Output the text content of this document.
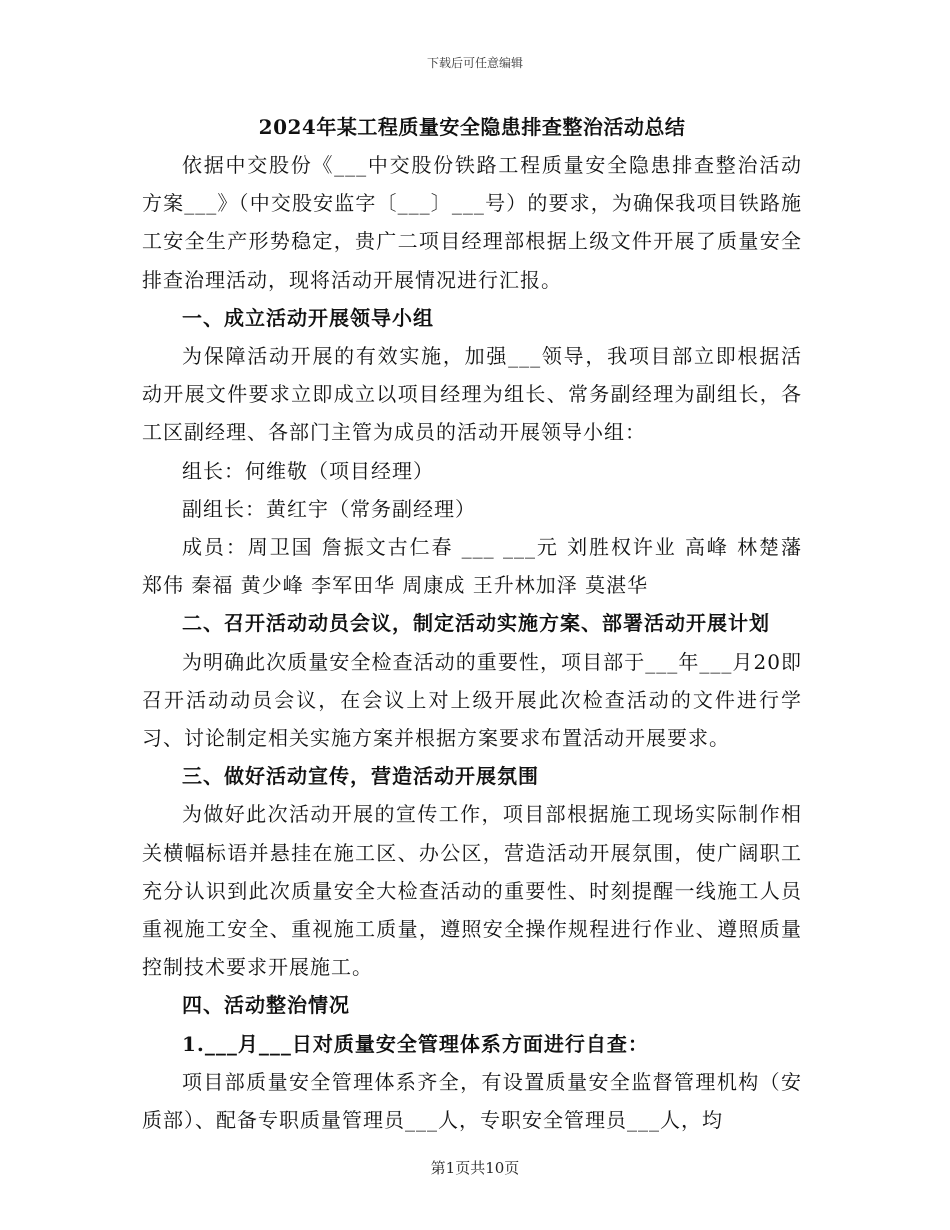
下载后可任意编辑

2024年某工程质量安全隐患排查整治活动总结

依据中交股份《___中交股份铁路工程质量安全隐患排查整治活动方案___》（中交股安监字〔___〕___号）的要求，为确保我项目铁路施工安全生产形势稳定，贵广二项目经理部根据上级文件开展了质量安全排查治理活动，现将活动开展情况进行汇报。

一、成立活动开展领导小组

为保障活动开展的有效实施，加强___领导，我项目部立即根据活动开展文件要求立即成立以项目经理为组长、常务副经理为副组长，各工区副经理、各部门主管为成员的活动开展领导小组：

组长：何维敬（项目经理）

副组长：黄红宇（常务副经理）

成员：周卫国 詹振文古仁春 ___ ___元 刘胜权许业 高峰 林楚藩 郑伟 秦福 黄少峰 李军田华 周康成 王升林加泽 莫湛华

二、召开活动动员会议，制定活动实施方案、部署活动开展计划

为明确此次质量安全检查活动的重要性，项目部于___年___月20即召开活动动员会议，在会议上对上级开展此次检查活动的文件进行学习、讨论制定相关实施方案并根据方案要求布置活动开展要求。

三、做好活动宣传，营造活动开展氛围

为做好此次活动开展的宣传工作，项目部根据施工现场实际制作相关横幅标语并悬挂在施工区、办公区，营造活动开展氛围，使广阔职工充分认识到此次质量安全大检查活动的重要性、时刻提醒一线施工人员重视施工安全、重视施工质量，遵照安全操作规程进行作业、遵照质量控制技术要求开展施工。

四、活动整治情况

1.___月___日对质量安全管理体系方面进行自查：

项目部质量安全管理体系齐全，有设置质量安全监督管理机构（安质部）、配备专职质量管理员___人，专职安全管理员___人，均

第1页共10页
